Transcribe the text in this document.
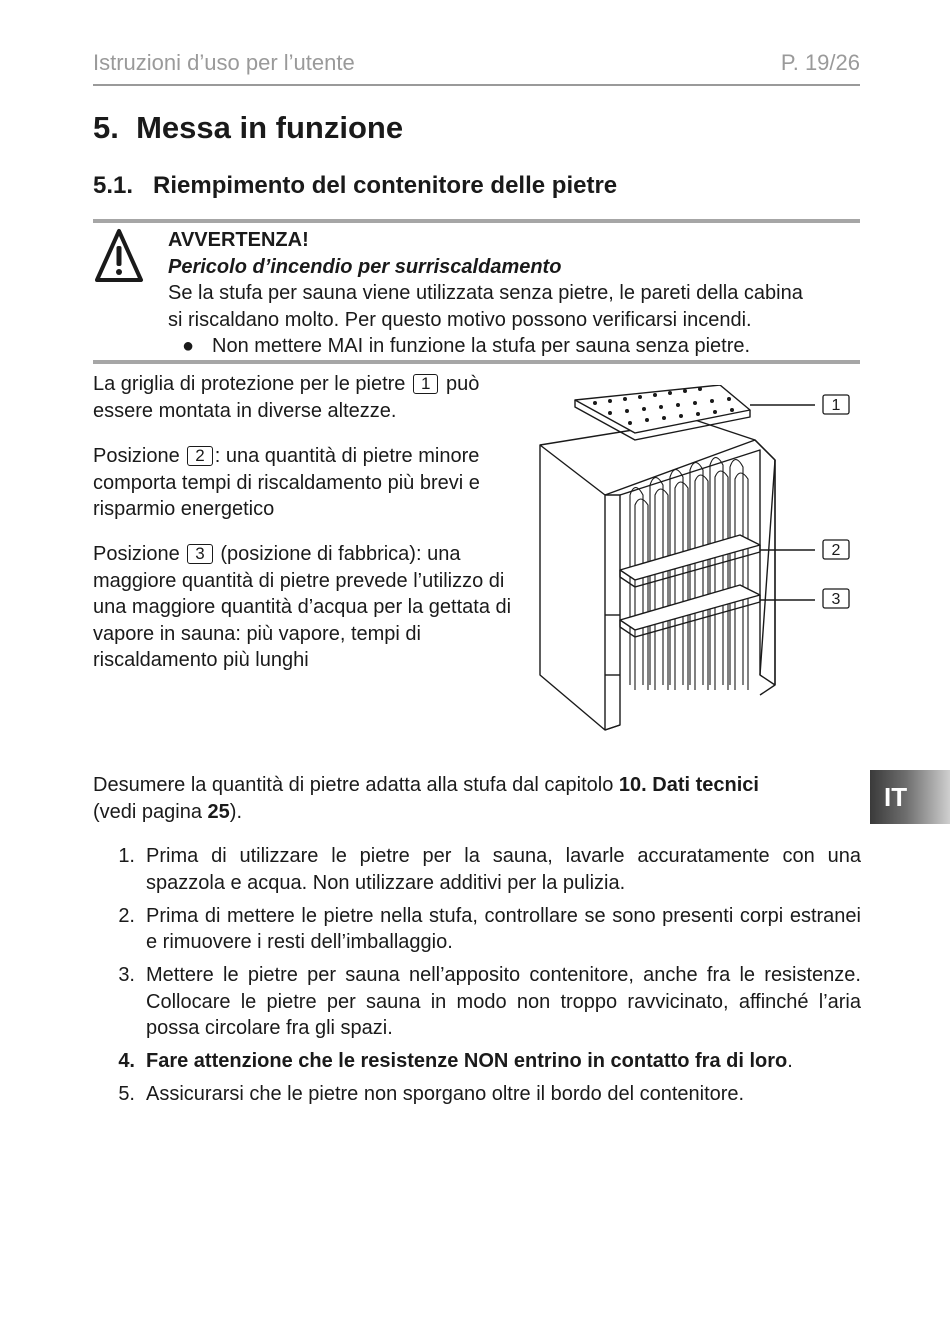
Istruzioni d’uso per l’utente	P. 19/26
5. Messa in funzione
5.1. Riempimento del contenitore delle pietre
AVVERTENZA!
Pericolo d’incendio per surriscaldamento
Se la stufa per sauna viene utilizzata senza pietre, le pareti della cabina
si riscaldano molto. Per questo motivo possono verificarsi incendi.
● Non mettere MAI in funzione la stufa per sauna senza pietre.
La griglia di protezione per le pietre 1 può essere montata in diverse altezze.
Posizione 2 : una quantità di pietre minore comporta tempi di riscaldamento più brevi e risparmio energetico
Posizione 3 (posizione di fabbrica): una maggiore quantità di pietre prevede l’utilizzo di una maggiore quantità d’acqua per la gettata di vapore in sauna: più vapore, tempi di riscaldamento più lunghi
1
2
3
Desumere la quantità di pietre adatta alla stufa dal capitolo 10. Dati tecnici
(vedi pagina 25).
1. Prima di utilizzare le pietre per la sauna, lavarle accuratamente con una spazzola e acqua. Non utilizzare additivi per la pulizia.
2. Prima di mettere le pietre nella stufa, controllare se sono presenti corpi estranei e rimuovere i resti dell’imballaggio.
3. Mettere le pietre per sauna nell’apposito contenitore, anche fra le resistenze. Collocare le pietre per sauna in modo non troppo ravvicinato, affinché l’aria possa circolare fra gli spazi.
4. Fare attenzione che le resistenze NON entrino in contatto fra di loro.
5. Assicurarsi che le pietre non sporgano oltre il bordo del contenitore.
IT
